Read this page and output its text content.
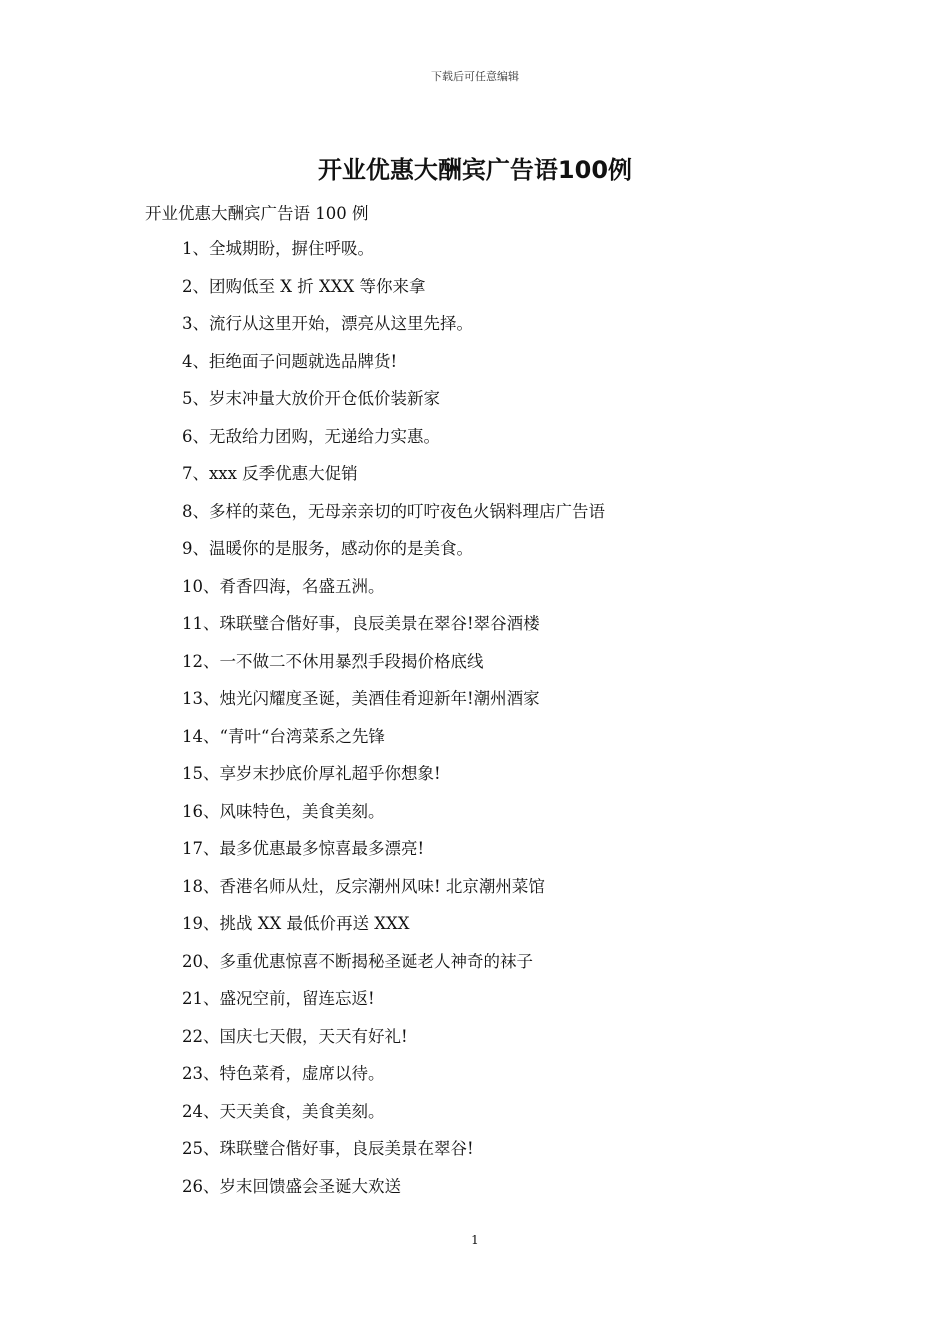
下载后可任意编辑
开业优惠大酬宾广告语100例
开业优惠大酬宾广告语 100 例
1、全城期盼，摒住呼吸。
2、团购低至 X 折 XXX 等你来拿
3、流行从这里开始，漂亮从这里先择。
4、拒绝面子问题就选品牌货!
5、岁末冲量大放价开仓低价装新家
6、无敌给力团购，无递给力实惠。
7、xxx 反季优惠大促销
8、多样的菜色，无母亲亲切的叮咛夜色火锅料理店广告语
9、温暖你的是服务，感动你的是美食。
10、肴香四海，名盛五洲。
11、珠联璧合偕好事，良辰美景在翠谷!翠谷酒楼
12、一不做二不休用暴烈手段揭价格底线
13、烛光闪耀度圣诞，美酒佳肴迎新年!潮州酒家
14、“青叶“台湾菜系之先锋
15、享岁末抄底价厚礼超乎你想象!
16、风味特色，美食美刻。
17、最多优惠最多惊喜最多漂亮!
18、香港名师从灶，反宗潮州风味! 北京潮州菜馆
19、挑战 XX 最低价再送 XXX
20、多重优惠惊喜不断揭秘圣诞老人神奇的袜子
21、盛况空前，留连忘返!
22、国庆七天假，天天有好礼!
23、特色菜肴，虚席以待。
24、天天美食，美食美刻。
25、珠联璧合偕好事，良辰美景在翠谷!
26、岁末回馈盛会圣诞大欢送
1
